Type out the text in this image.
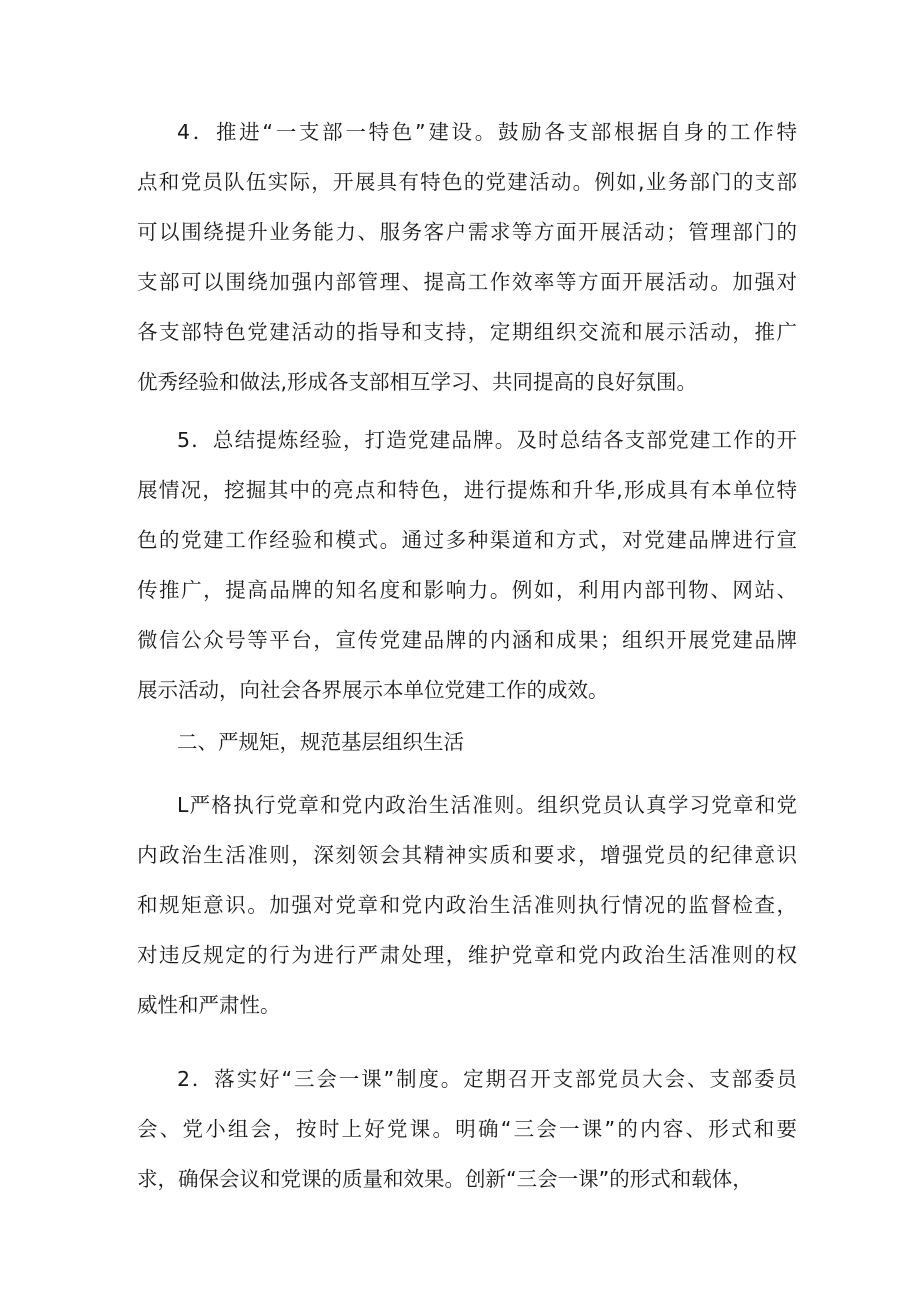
4．推进“一支部一特色”建设。鼓励各支部根据自身的工作特
点和党员队伍实际，开展具有特色的党建活动。例如,业务部门的支部
可以围绕提升业务能力、服务客户需求等方面开展活动；管理部门的
支部可以围绕加强内部管理、提高工作效率等方面开展活动。加强对
各支部特色党建活动的指导和支持，定期组织交流和展示活动，推广
优秀经验和做法,形成各支部相互学习、共同提高的良好氛围。
5．总结提炼经验，打造党建品牌。及时总结各支部党建工作的开
展情况，挖掘其中的亮点和特色，进行提炼和升华,形成具有本单位特
色的党建工作经验和模式。通过多种渠道和方式，对党建品牌进行宣
传推广，提高品牌的知名度和影响力。例如，利用内部刊物、网站、
微信公众号等平台，宣传党建品牌的内涵和成果；组织开展党建品牌
展示活动，向社会各界展示本单位党建工作的成效。
二、严规矩，规范基层组织生活
L严格执行党章和党内政治生活准则。组织党员认真学习党章和党
内政治生活准则，深刻领会其精神实质和要求，增强党员的纪律意识
和规矩意识。加强对党章和党内政治生活准则执行情况的监督检查，
对违反规定的行为进行严肃处理，维护党章和党内政治生活准则的权
威性和严肃性。
2．落实好“三会一课”制度。定期召开支部党员大会、支部委员
会、党小组会，按时上好党课。明确“三会一课”的内容、形式和要
求，确保会议和党课的质量和效果。创新“三会一课”的形式和载体，
